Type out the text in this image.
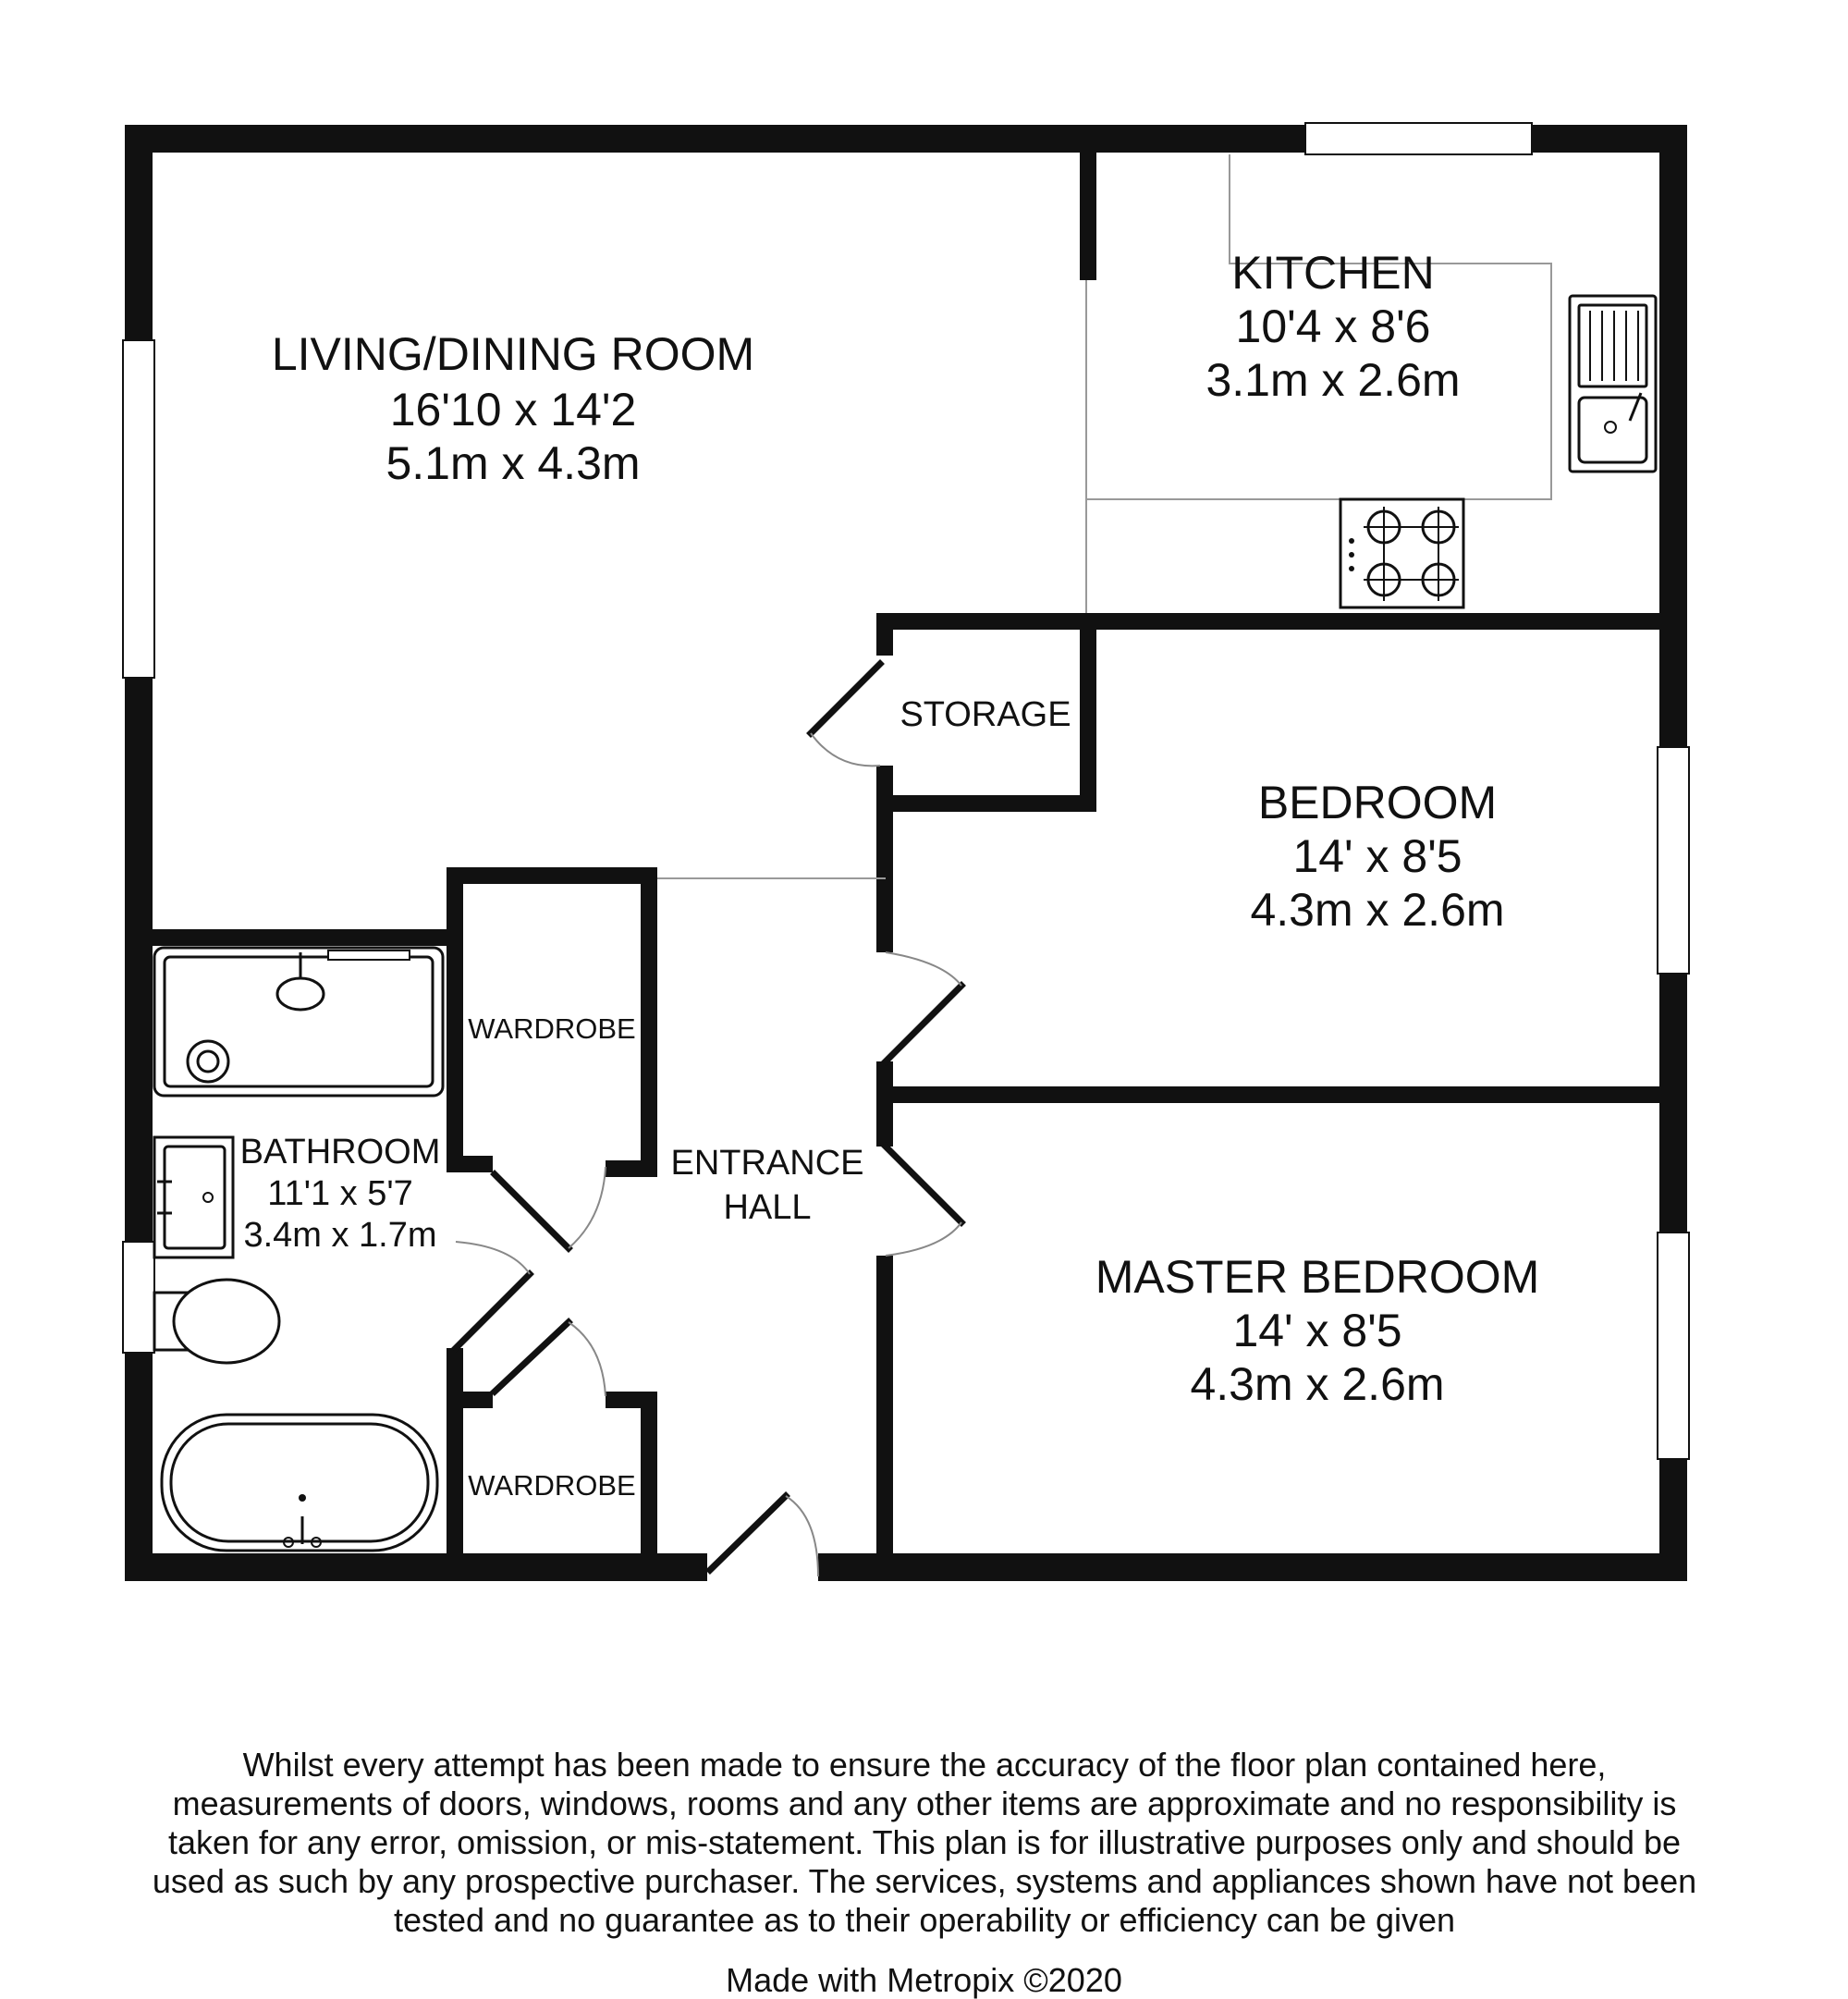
LIVING/DINING ROOM
16'10 x 14'2
5.1m x 4.3m
KITCHEN
10'4 x 8'6
3.1m x 2.6m
STORAGE
BEDROOM
14' x 8'5
4.3m x 2.6m
WARDROBE
BATHROOM
11'1 x 5'7
3.4m x 1.7m
ENTRANCE
HALL
MASTER BEDROOM
14' x 8'5
4.3m x 2.6m
WARDROBE

Whilst every attempt has been made to ensure the accuracy of the floor plan contained here, measurements of doors, windows, rooms and any other items are approximate and no responsibility is taken for any error, omission, or mis-statement. This plan is for illustrative purposes only and should be used as such by any prospective purchaser. The services, systems and appliances shown have not been tested and no guarantee as to their operability or efficiency can be given

Made with Metropix ©2020
